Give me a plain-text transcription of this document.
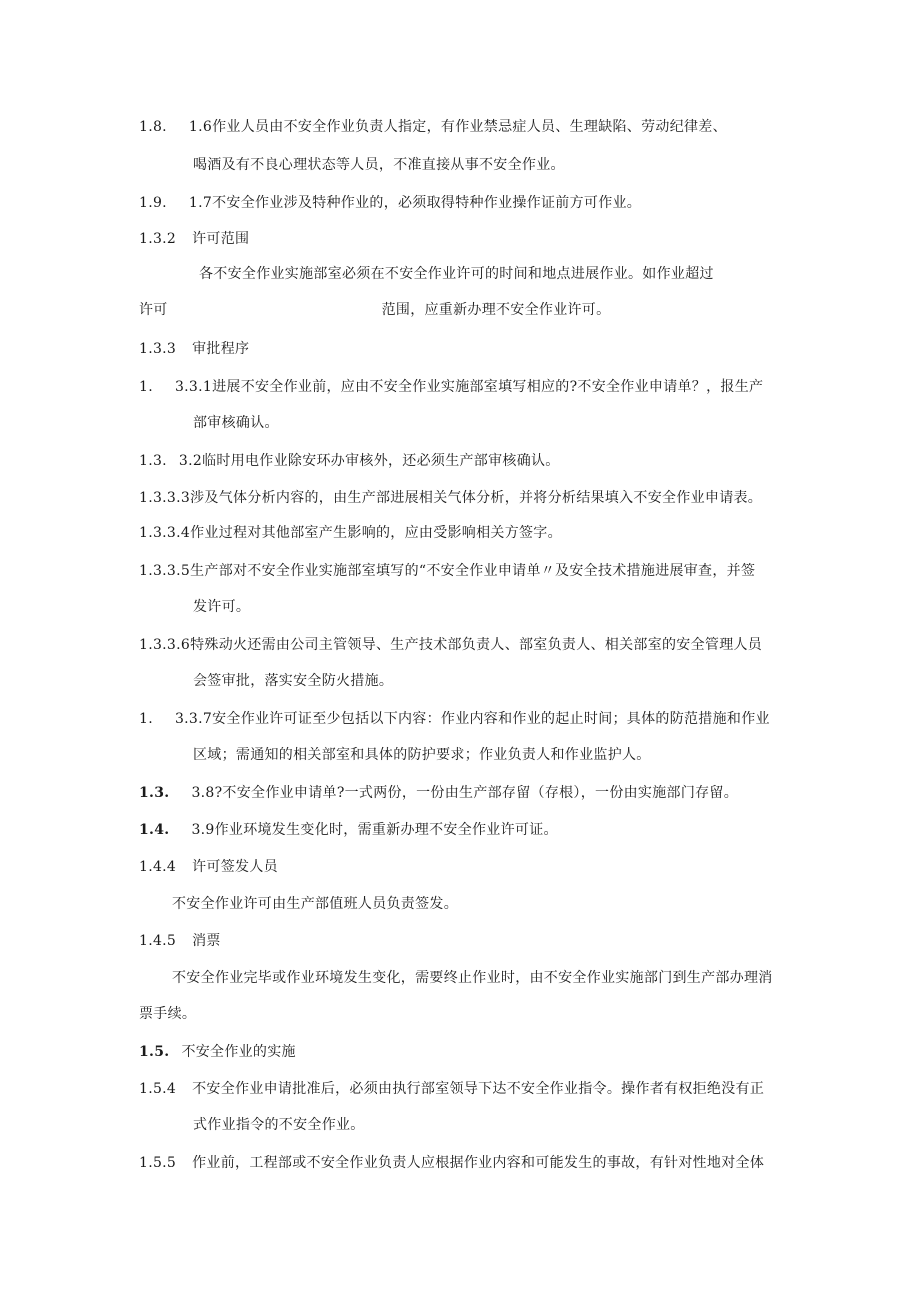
1.8. 1.6作业人员由不安全作业负责人指定，有作业禁忌症人员、生理缺陷、劳动纪律差、
喝酒及有不良心理状态等人员，不准直接从事不安全作业。
1.9. 1.7不安全作业涉及特种作业的，必须取得特种作业操作证前方可作业。
1.3.2 许可范围
各不安全作业实施部室必须在不安全作业许可的时间和地点进展作业。如作业超过
许可	范围，应重新办理不安全作业许可。
1.3.3 审批程序
1. 3.3.1进展不安全作业前，应由不安全作业实施部室填写相应的?不安全作业申请单？，报生产
部审核确认。
1.3. 3.2临时用电作业除安环办审核外，还必须生产部审核确认。
1.3.3.3涉及气体分析内容的，由生产部进展相关气体分析，并将分析结果填入不安全作业申请表。
1.3.3.4作业过程对其他部室产生影响的，应由受影响相关方签字。
1.3.3.5生产部对不安全作业实施部室填写的“不安全作业申请单〃及安全技术措施进展审查，并签
发许可。
1.3.3.6特殊动火还需由公司主管领导、生产技术部负责人、部室负责人、相关部室的安全管理人员
会签审批，落实安全防火措施。
1. 3.3.7安全作业许可证至少包括以下内容：作业内容和作业的起止时间；具体的防范措施和作业
区域；需通知的相关部室和具体的防护要求；作业负责人和作业监护人。
1.3. 3.8?不安全作业申请单?一式两份，一份由生产部存留（存根），一份由实施部门存留。
1.4. 3.9作业环境发生变化时，需重新办理不安全作业许可证。
1.4.4 许可签发人员
不安全作业许可由生产部值班人员负责签发。
1.4.5 消票
不安全作业完毕或作业环境发生变化，需要终止作业时，由不安全作业实施部门到生产部办理消
票手续。
1.5. 不安全作业的实施
1.5.4 不安全作业申请批准后，必须由执行部室领导下达不安全作业指令。操作者有权拒绝没有正
式作业指令的不安全作业。
1.5.5 作业前，工程部或不安全作业负责人应根据作业内容和可能发生的事故，有针对性地对全体
